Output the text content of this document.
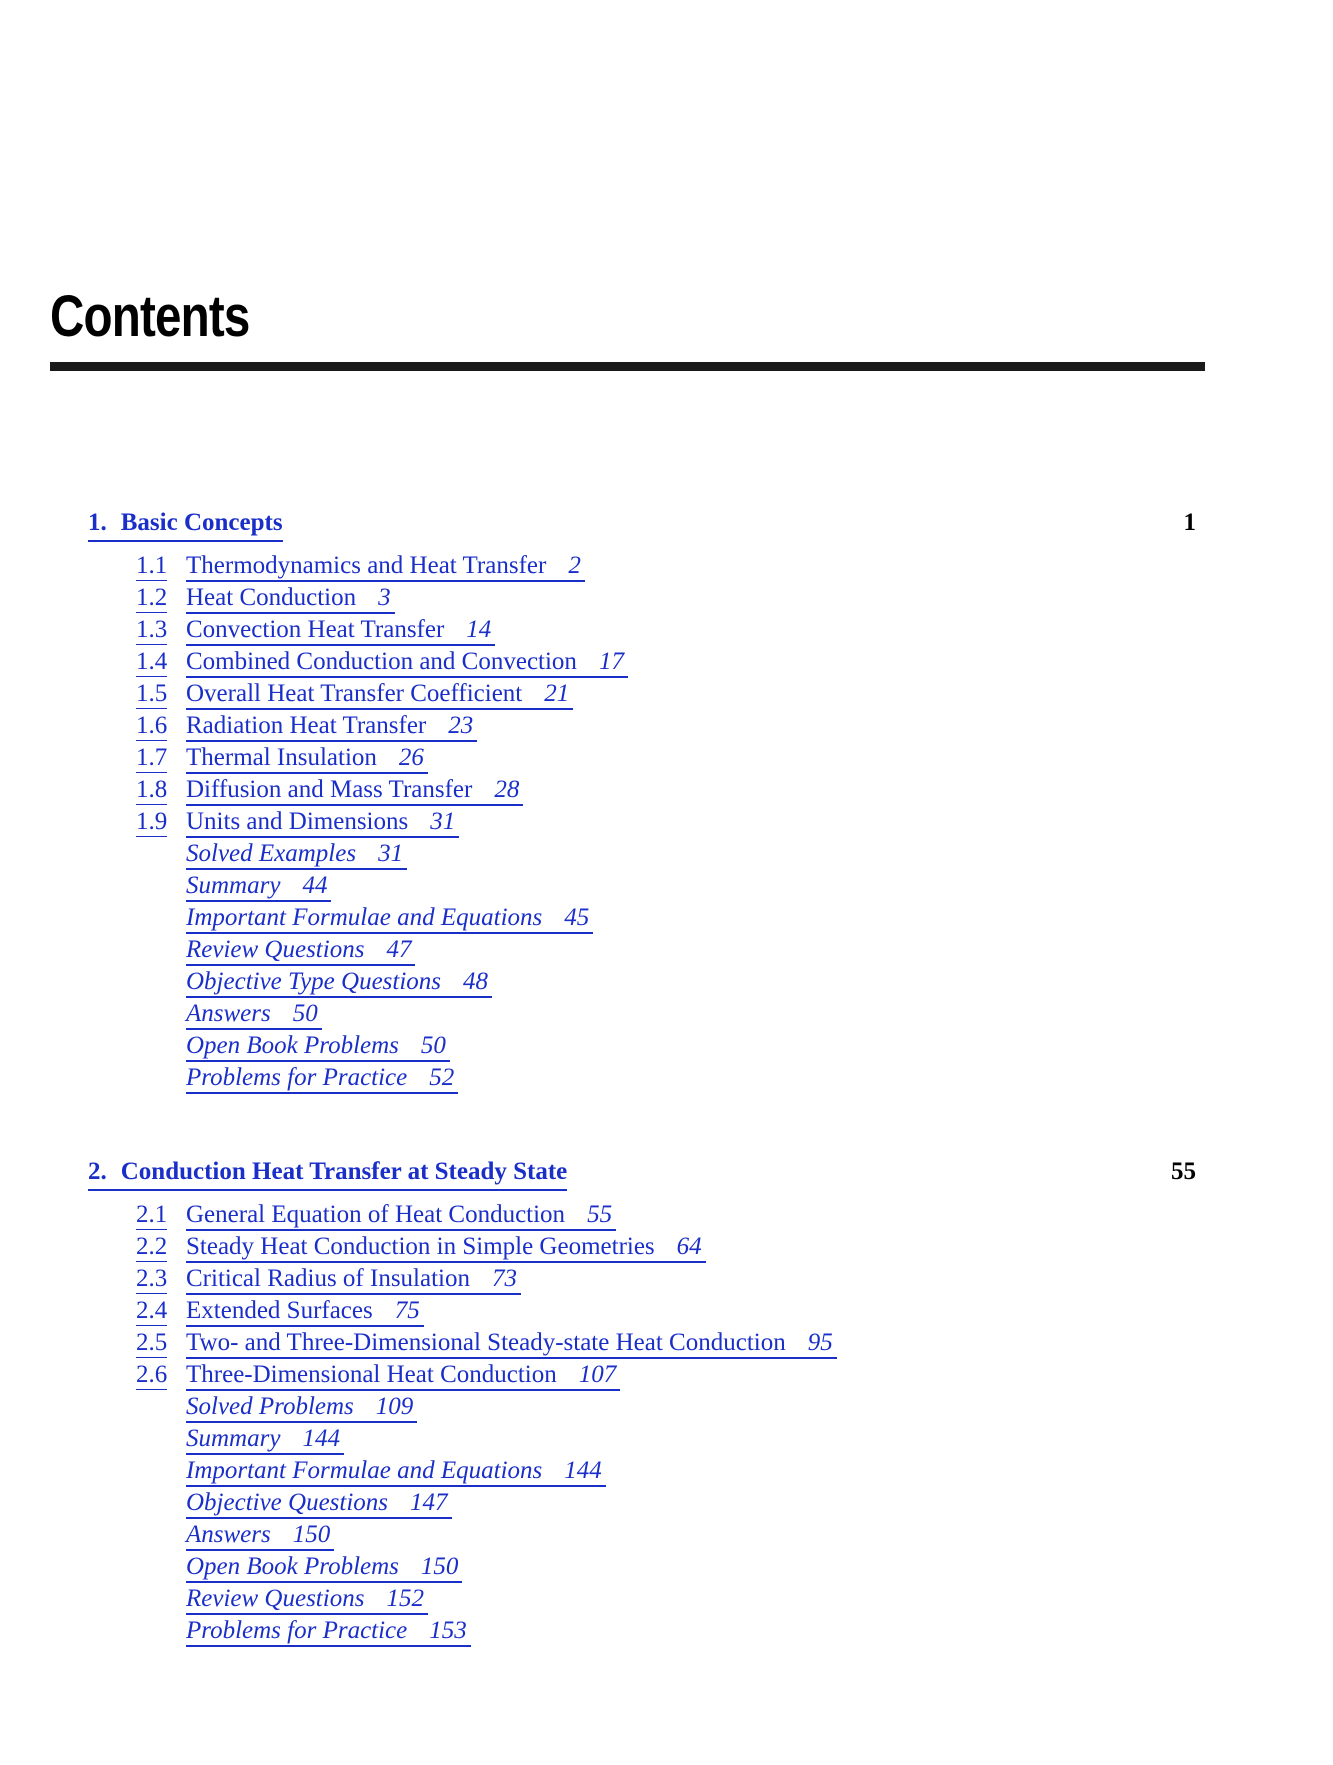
Contents
1. Basic Concepts	1
1.1 Thermodynamics and Heat Transfer 2
1.2 Heat Conduction 3
1.3 Convection Heat Transfer 14
1.4 Combined Conduction and Convection 17
1.5 Overall Heat Transfer Coefficient 21
1.6 Radiation Heat Transfer 23
1.7 Thermal Insulation 26
1.8 Diffusion and Mass Transfer 28
1.9 Units and Dimensions 31
Solved Examples 31
Summary 44
Important Formulae and Equations 45
Review Questions 47
Objective Type Questions 48
Answers 50
Open Book Problems 50
Problems for Practice 52
2. Conduction Heat Transfer at Steady State	55
2.1 General Equation of Heat Conduction 55
2.2 Steady Heat Conduction in Simple Geometries 64
2.3 Critical Radius of Insulation 73
2.4 Extended Surfaces 75
2.5 Two- and Three-Dimensional Steady-state Heat Conduction 95
2.6 Three-Dimensional Heat Conduction 107
Solved Problems 109
Summary 144
Important Formulae and Equations 144
Objective Questions 147
Answers 150
Open Book Problems 150
Review Questions 152
Problems for Practice 153
